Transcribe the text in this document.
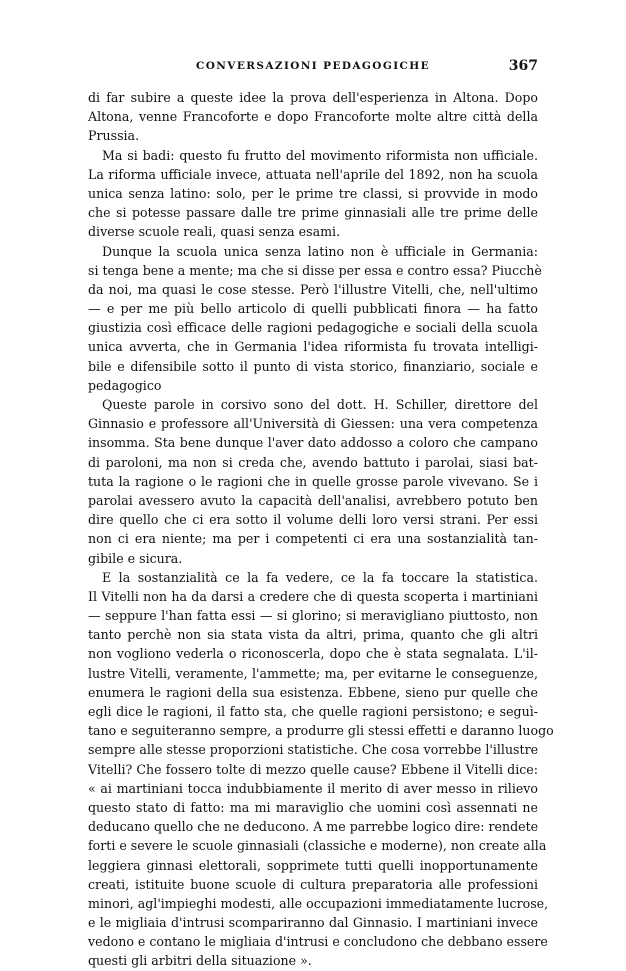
CONVERSAZIONI PEDAGOGICHE	367
di far subire a queste idee la prova dell'esperienza in Altona. Dopo
Altona, venne Francoforte e dopo Francoforte molte altre città della
Prussia.
Ma si badi: questo fu frutto del movimento riformista non ufficiale.
La riforma ufficiale invece, attuata nell'aprile del 1892, non ha scuola
unica senza latino: solo, per le prime tre classi, si provvide in modo
che si potesse passare dalle tre prime ginnasiali alle tre prime delle
diverse scuole reali, quasi senza esami.
Dunque la scuola unica senza latino non è ufficiale in Germania:
si tenga bene a mente; ma che si disse per essa e contro essa? Piucchè
da noi, ma quasi le cose stesse. Però l'illustre Vitelli, che, nell'ultimo
— e per me più bello articolo di quelli pubblicati finora — ha fatto
giustizia così efficace delle ragioni pedagogiche e sociali della scuola
unica avverta, che in Germania l'idea riformista fu trovata intelligi-
bile e difensibile sotto il punto di vista storico, finanziario, sociale e
pedagogico
Queste parole in corsivo sono del dott. H. Schiller, direttore del
Ginnasio e professore all'Università di Giessen: una vera competenza
insomma. Sta bene dunque l'aver dato addosso a coloro che campano
di paroloni, ma non si creda che, avendo battuto i parolai, siasi bat-
tuta la ragione o le ragioni che in quelle grosse parole vivevano. Se i
parolai avessero avuto la capacità dell'analisi, avrebbero potuto ben
dire quello che ci era sotto il volume delli loro versi strani. Per essi
non ci era niente; ma per i competenti ci era una sostanzialità tan-
gibile e sicura.
E la sostanzialità ce la fa vedere, ce la fa toccare la statistica.
Il Vitelli non ha da darsi a credere che di questa scoperta i martiniani
— seppure l'han fatta essi — si glorino; si meravigliano piuttosto, non
tanto perchè non sia stata vista da altri, prima, quanto che gli altri
non vogliono vederla o riconoscerla, dopo che è stata segnalata. L'il-
lustre Vitelli, veramente, l'ammette; ma, per evitarne le conseguenze,
enumera le ragioni della sua esistenza. Ebbene, sieno pur quelle che
egli dice le ragioni, il fatto sta, che quelle ragioni persistono; e seguì-
tano e seguiteranno sempre, a produrre gli stessi effetti e daranno luogo
sempre alle stesse proporzioni statistiche. Che cosa vorrebbe l'illustre
Vitelli? Che fossero tolte di mezzo quelle cause? Ebbene il Vitelli dice:
« ai martiniani tocca indubbiamente il merito di aver messo in rilievo
questo stato di fatto: ma mi maraviglio che uomini così assennati ne
deducano quello che ne deducono. A me parrebbe logico dire: rendete
forti e severe le scuole ginnasiali (classiche e moderne), non create alla
leggiera ginnasi elettorali, sopprimete tutti quelli inopportunamente
creati, istituite buone scuole di cultura preparatoria alle professioni
minori, agl'impieghi modesti, alle occupazioni immediatamente lucrose,
e le migliaia d'intrusi scompariranno dal Ginnasio. I martiniani invece
vedono e contano le migliaia d'intrusi e concludono che debbano essere
questi gli arbitri della situazione ».
